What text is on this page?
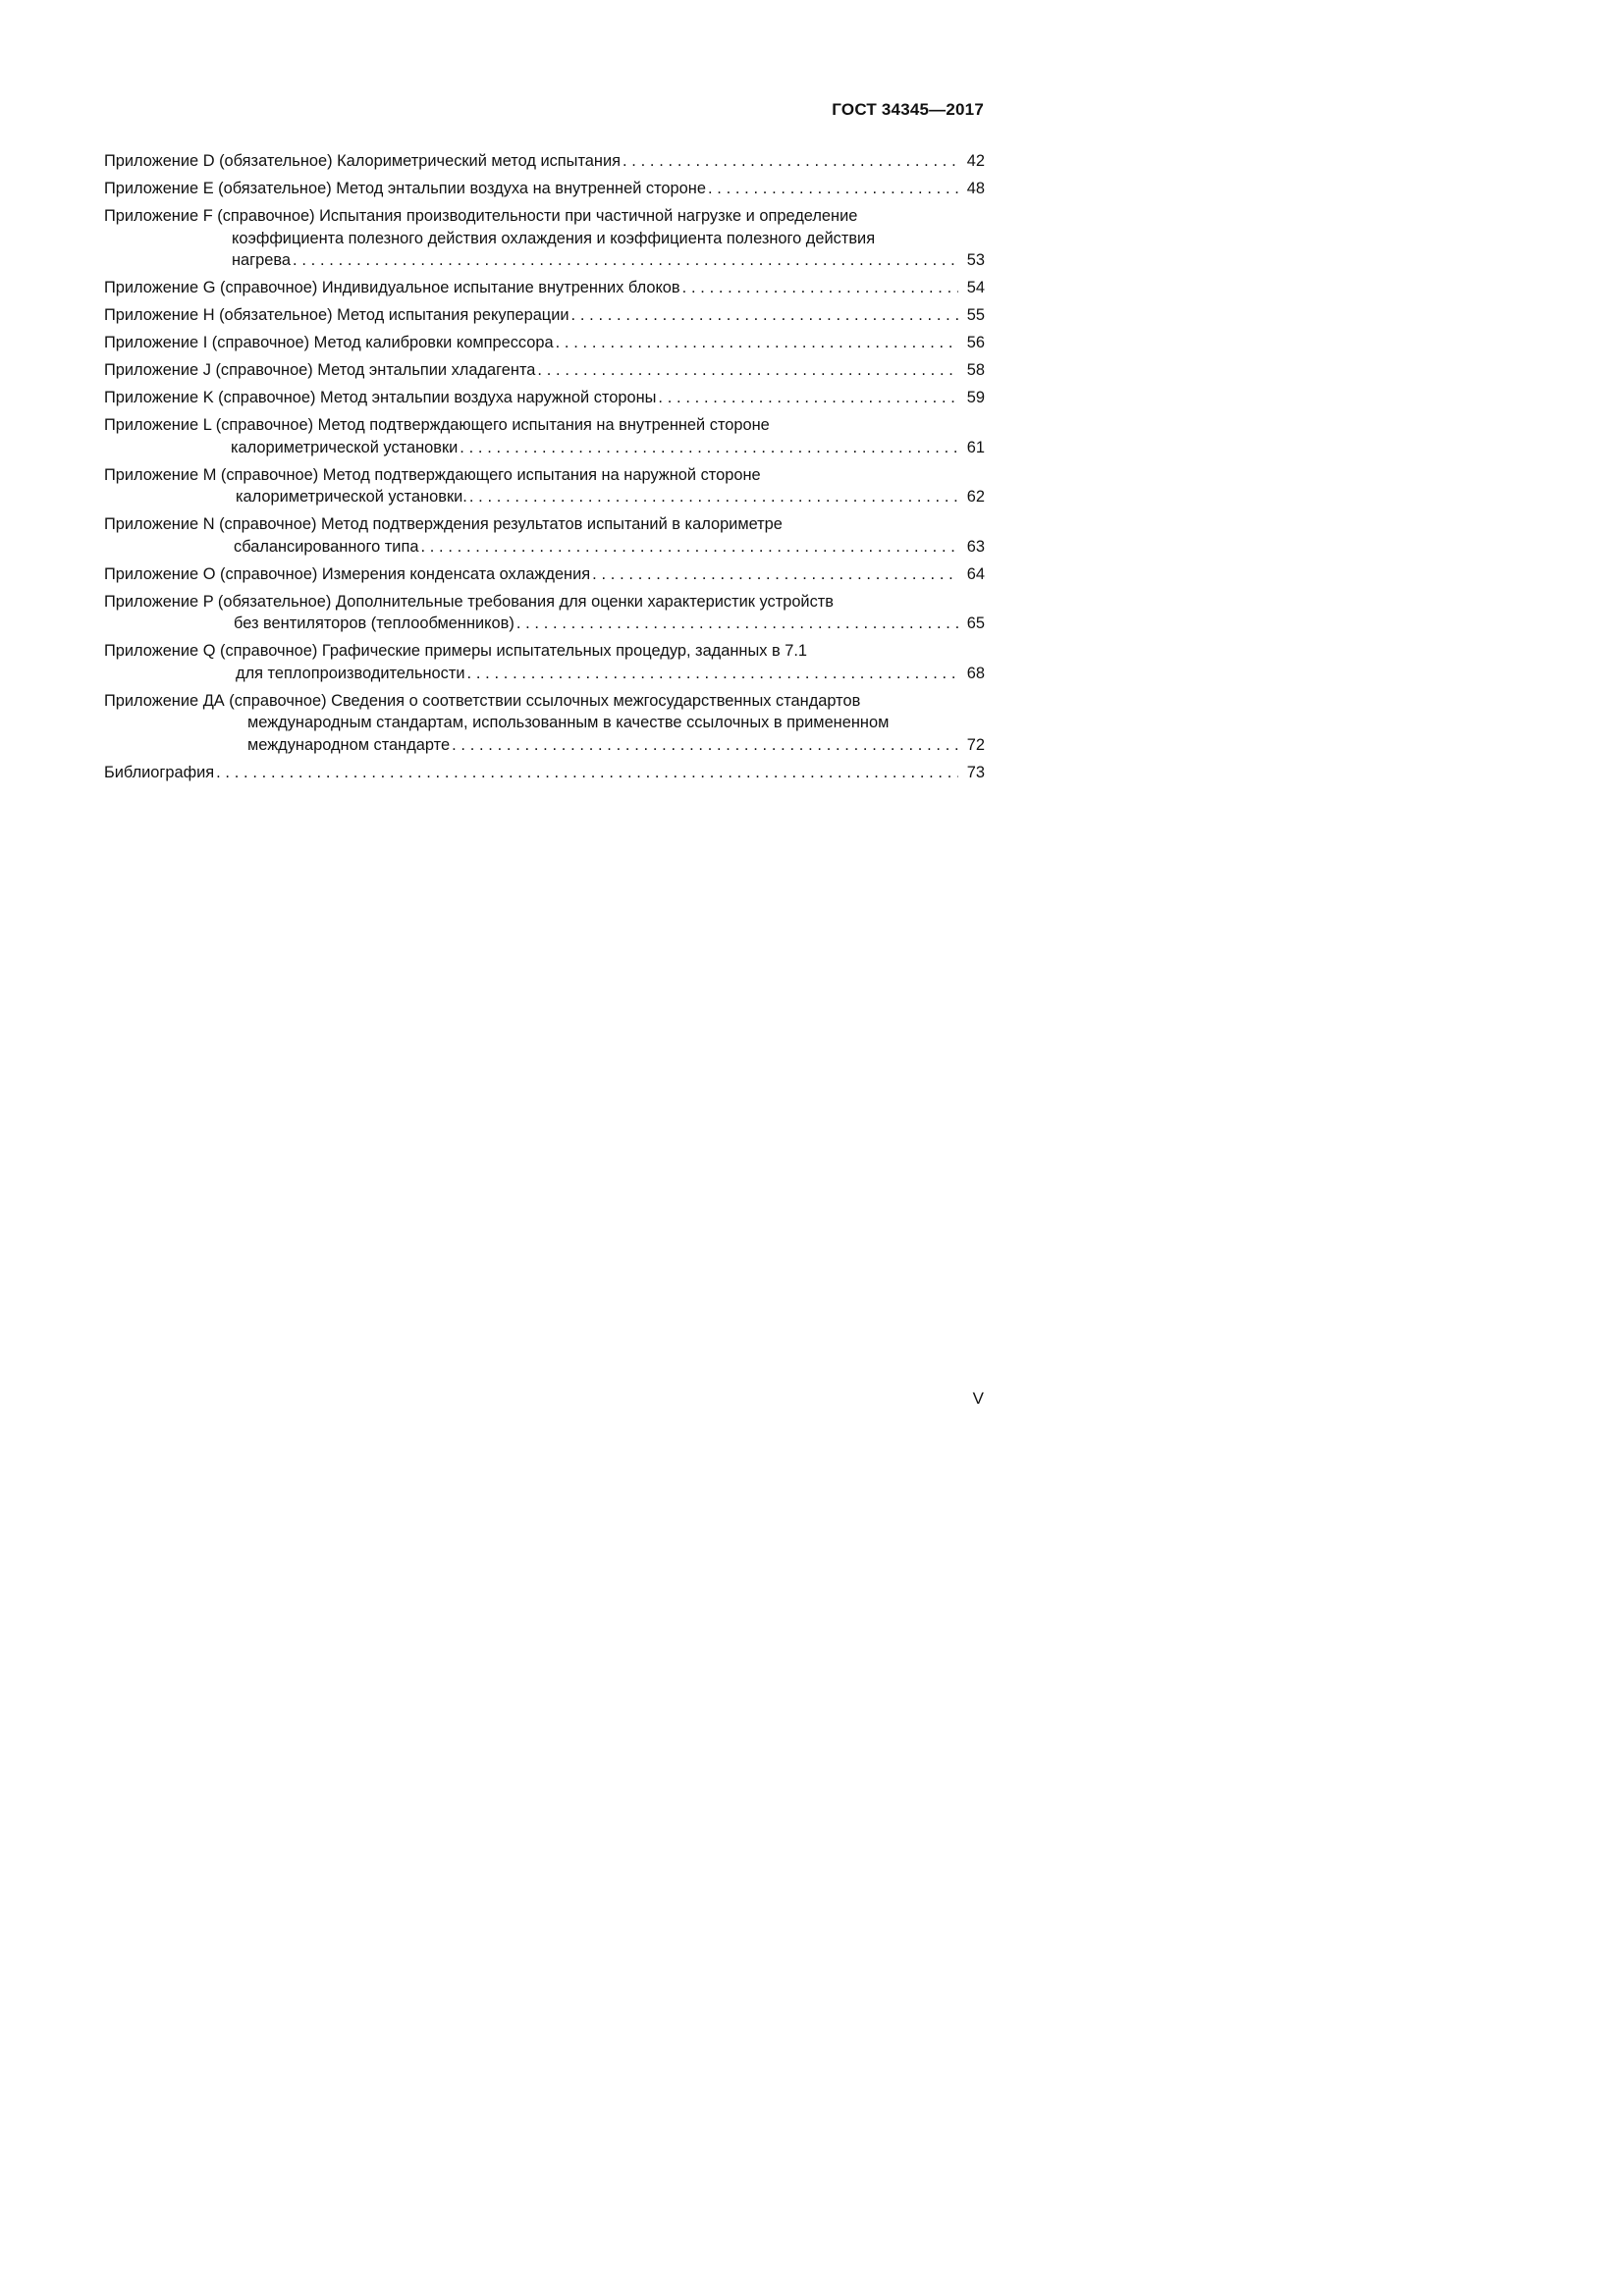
ГОСТ 34345—2017
Приложение D (обязательное) Калориметрический метод испытания . . .	42
Приложение E (обязательное) Метод энтальпии воздуха на внутренней стороне . . .	48
Приложение F (справочное) Испытания производительности при частичной нагрузке и определение
коэффициента полезного действия охлаждения и коэффициента полезного действия
нагрева . . .	53
Приложение G (справочное) Индивидуальное испытание внутренних блоков . . .	54
Приложение H (обязательное) Метод испытания рекуперации . . .	55
Приложение I (справочное) Метод калибровки компрессора . . .	56
Приложение J (справочное) Метод энтальпии хладагента . . .	58
Приложение K (справочное) Метод энтальпии воздуха наружной стороны . . .	59
Приложение L (справочное) Метод подтверждающего испытания на внутренней стороне
калориметрической установки . . .	61
Приложение M (справочное) Метод подтверждающего испытания на наружной стороне
калориметрической установки. . . .	62
Приложение N (справочное) Метод подтверждения результатов испытаний в калориметре
сбалансированного типа . . .	63
Приложение O (справочное) Измерения конденсата охлаждения . . .	64
Приложение P (обязательное) Дополнительные требования для оценки характеристик устройств
без вентиляторов (теплообменников) . . .	65
Приложение Q (справочное) Графические примеры испытательных процедур, заданных в 7.1
для теплопроизводительности . . .	68
Приложение ДА (справочное) Сведения о соответствии ссылочных межгосударственных стандартов
международным стандартам, использованным в качестве ссылочных в примененном
международном стандарте . . .	72
Библиография . . .	73
V
